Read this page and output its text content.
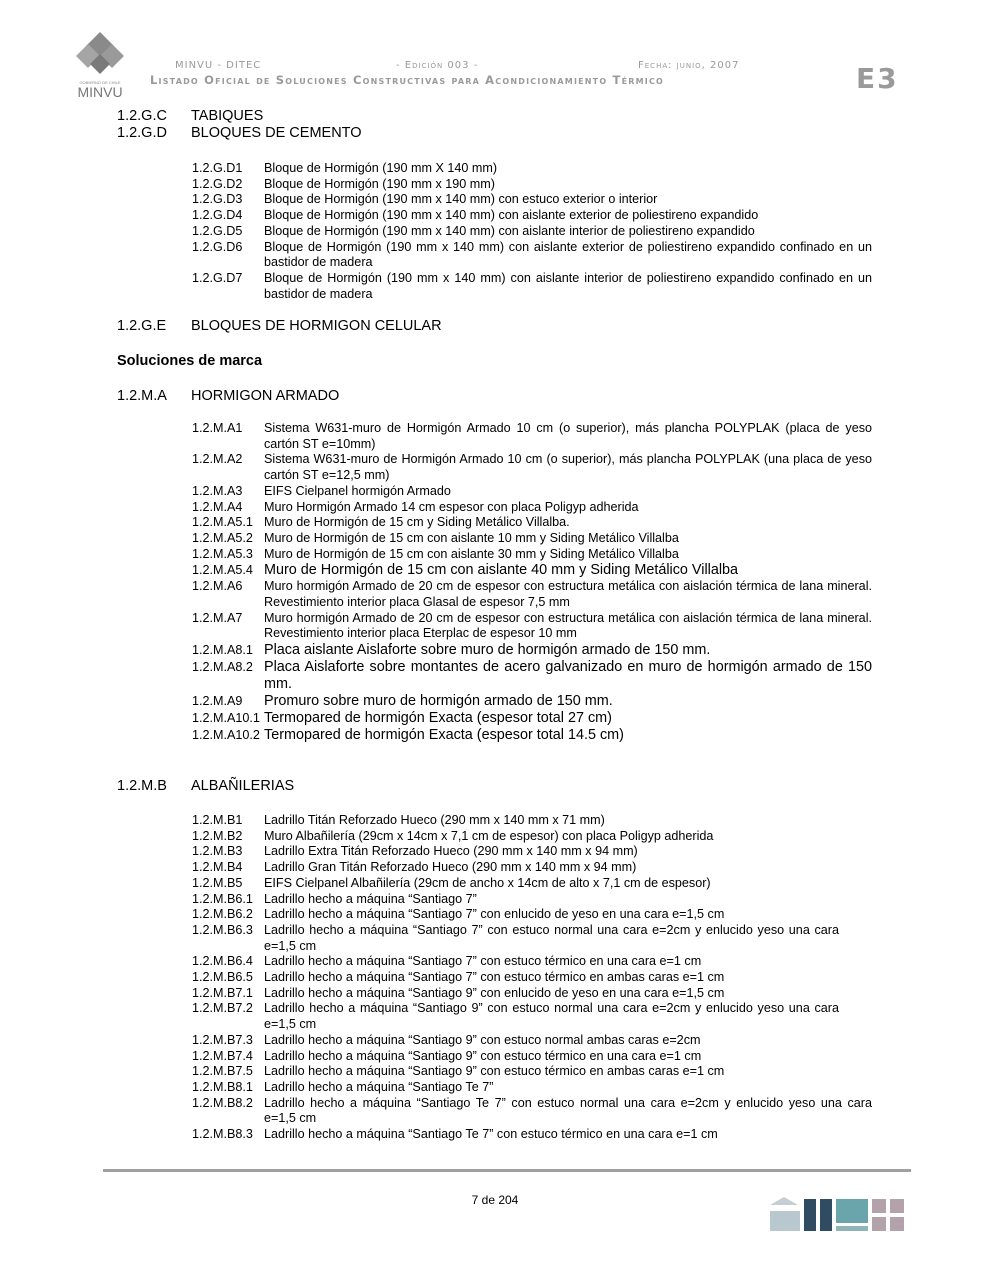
GOBIERNO DE CHILE
MINVU
MINVU - DITEC	- Edición 003 -	Fecha: junio, 2007
Listado Oficial de Soluciones Constructivas para Acondicionamiento Térmico	E3
1.2.G.C TABIQUES
1.2.G.D BLOQUES DE CEMENTO
1.2.G.D1	Bloque de Hormigón (190 mm X 140 mm)
1.2.G.D2	Bloque de Hormigón (190 mm x 190 mm)
1.2.G.D3	Bloque de Hormigón (190 mm x 140 mm) con estuco exterior o interior
1.2.G.D4	Bloque de Hormigón (190 mm x 140 mm) con aislante exterior de poliestireno expandido
1.2.G.D5	Bloque de Hormigón (190 mm x 140 mm) con aislante interior de poliestireno expandido
1.2.G.D6	Bloque de Hormigón (190 mm x 140 mm) con aislante exterior de poliestireno expandido confinado en un bastidor de madera
1.2.G.D7	Bloque de Hormigón (190 mm x 140 mm) con aislante interior de poliestireno expandido confinado en un bastidor de madera
1.2.G.E BLOQUES DE HORMIGON CELULAR
Soluciones de marca
1.2.M.A HORMIGON ARMADO
1.2.M.A1	Sistema W631-muro de Hormigón Armado 10 cm (o superior), más plancha POLYPLAK (placa de yeso cartón ST e=10mm)
1.2.M.A2	Sistema W631-muro de Hormigón Armado 10 cm (o superior), más plancha POLYPLAK (una placa de yeso cartón ST e=12,5 mm)
1.2.M.A3	EIFS Cielpanel hormigón Armado
1.2.M.A4	Muro Hormigón Armado 14 cm espesor con placa Poligyp adherida
1.2.M.A5.1 Muro de Hormigón de 15 cm y Siding Metálico Villalba.
1.2.M.A5.2 Muro de Hormigón de 15 cm con aislante 10 mm y Siding Metálico Villalba
1.2.M.A5.3 Muro de Hormigón de 15 cm con aislante 30 mm y Siding Metálico Villalba
1.2.M.A5.4 Muro de Hormigón de 15 cm con aislante 40 mm y Siding Metálico Villalba
1.2.M.A6	Muro hormigón Armado de 20 cm de espesor con estructura metálica con aislación térmica de lana mineral. Revestimiento interior placa Glasal de espesor 7,5 mm
1.2.M.A7	Muro hormigón Armado de 20 cm de espesor con estructura metálica con aislación térmica de lana mineral. Revestimiento interior placa Eterplac de espesor 10 mm
1.2.M.A8.1 Placa aislante Aislaforte sobre muro de hormigón armado de 150 mm.
1.2.M.A8.2 Placa Aislaforte sobre montantes de acero galvanizado en muro de hormigón armado de 150 mm.
1.2.M.A9	Promuro sobre muro de hormigón armado de 150 mm.
1.2.M.A10.1 Termopared de hormigón Exacta (espesor total 27 cm)
1.2.M.A10.2 Termopared de hormigón Exacta (espesor total 14.5 cm)
1.2.M.B ALBAÑILERIAS
1.2.M.B1	Ladrillo Titán Reforzado Hueco (290 mm x 140 mm x 71 mm)
1.2.M.B2	Muro Albañilería (29cm x 14cm x 7,1 cm de espesor) con placa Poligyp adherida
1.2.M.B3	Ladrillo Extra Titán Reforzado Hueco (290 mm x 140 mm x 94 mm)
1.2.M.B4	Ladrillo Gran Titán Reforzado Hueco (290 mm x 140 mm x 94 mm)
1.2.M.B5	EIFS Cielpanel Albañilería (29cm de ancho x 14cm de alto x 7,1 cm de espesor)
1.2.M.B6.1 Ladrillo hecho a máquina “Santiago 7”
1.2.M.B6.2 Ladrillo hecho a máquina “Santiago 7” con enlucido de yeso en una cara e=1,5 cm
1.2.M.B6.3 Ladrillo hecho a máquina “Santiago 7” con estuco normal una cara e=2cm y enlucido yeso una cara e=1,5 cm
1.2.M.B6.4 Ladrillo hecho a máquina “Santiago 7” con estuco térmico en una cara e=1 cm
1.2.M.B6.5 Ladrillo hecho a máquina “Santiago 7” con estuco térmico en ambas caras e=1 cm
1.2.M.B7.1 Ladrillo hecho a máquina “Santiago 9” con enlucido de yeso en una cara e=1,5 cm
1.2.M.B7.2 Ladrillo hecho a máquina “Santiago 9” con estuco normal una cara e=2cm y enlucido yeso una cara e=1,5 cm
1.2.M.B7.3 Ladrillo hecho a máquina “Santiago 9” con estuco normal ambas caras e=2cm
1.2.M.B7.4 Ladrillo hecho a máquina “Santiago 9” con estuco térmico en una cara e=1 cm
1.2.M.B7.5 Ladrillo hecho a máquina “Santiago 9” con estuco térmico en ambas caras e=1 cm
1.2.M.B8.1 Ladrillo hecho a máquina “Santiago Te 7”
1.2.M.B8.2 Ladrillo hecho a máquina “Santiago Te 7” con estuco normal una cara e=2cm y enlucido yeso una cara e=1,5 cm
1.2.M.B8.3 Ladrillo hecho a máquina “Santiago Te 7” con estuco térmico en una cara e=1 cm
7 de 204
